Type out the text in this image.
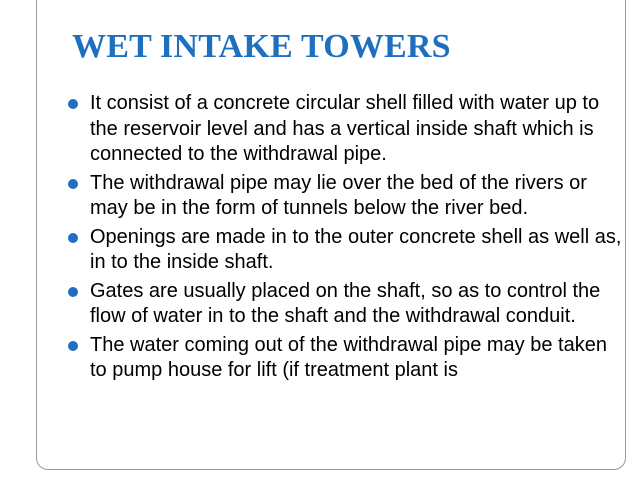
WET INTAKE TOWERS
It consist of a concrete circular shell filled with water up to the reservoir level and has a vertical inside shaft which is connected to the withdrawal pipe.
The withdrawal pipe may lie over the bed of the rivers or may be in the form of tunnels below the river bed.
Openings are made in to the outer concrete shell as well as, in to the inside shaft.
Gates are usually placed on the shaft, so as to control the flow of water in to the shaft and the withdrawal conduit.
The water coming out of the withdrawal pipe may be taken to pump house for lift (if treatment plant is
